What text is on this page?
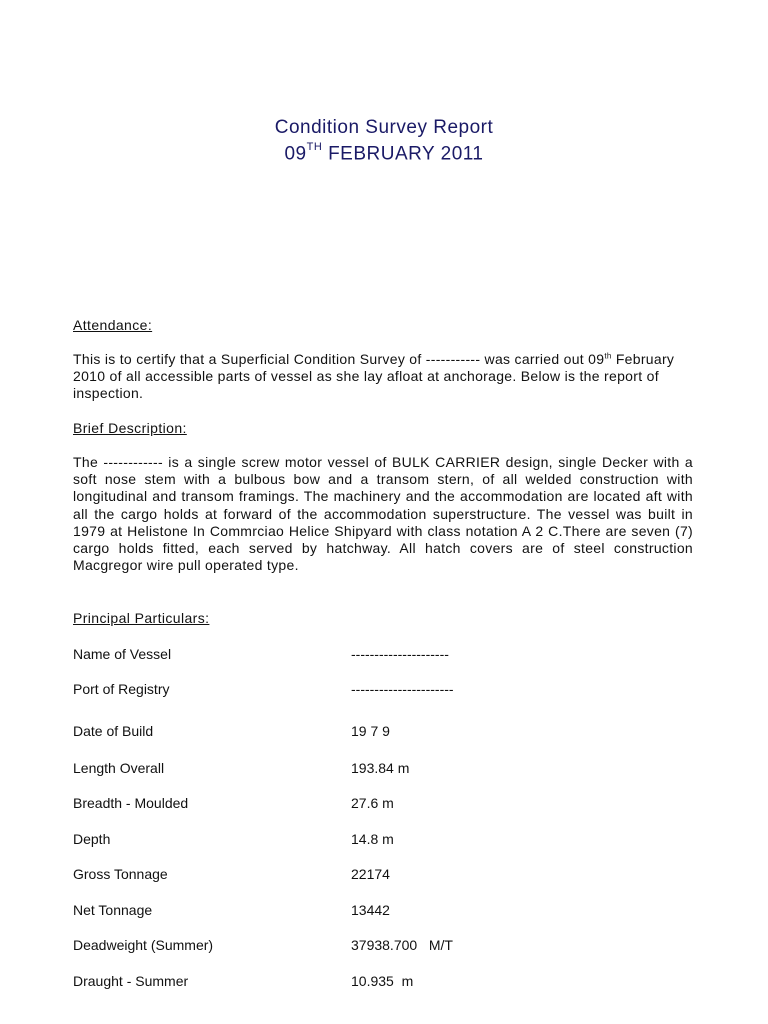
Condition Survey Report
09TH FEBRUARY 2011
Attendance:
This is to certify that a Superficial Condition Survey of ----------- was carried out 09th February 2010 of all accessible parts of vessel as she lay afloat at anchorage. Below is the report of inspection.
Brief Description:
The ------------ is a single screw motor vessel of BULK CARRIER design, single Decker with a soft nose stem with a bulbous bow and a transom stern, of all welded construction with longitudinal and transom framings. The machinery and the accommodation are located aft with all the cargo holds at forward of the accommodation superstructure. The vessel was built in 1979 at Helistone In Commrciao Helice Shipyard with class notation A 2 C.There are seven (7) cargo holds fitted, each served by hatchway. All hatch covers are of steel construction Macgregor wire pull operated type.
Principal Particulars:
Name of Vessel	---------------------
Port of Registry	----------------------
Date of Build	19 7 9
Length Overall	193.84 m
Breadth - Moulded	27.6 m
Depth	14.8 m
Gross Tonnage	22174
Net Tonnage	13442
Deadweight (Summer)	37938.700   M/T
Draught - Summer	10.935  m
